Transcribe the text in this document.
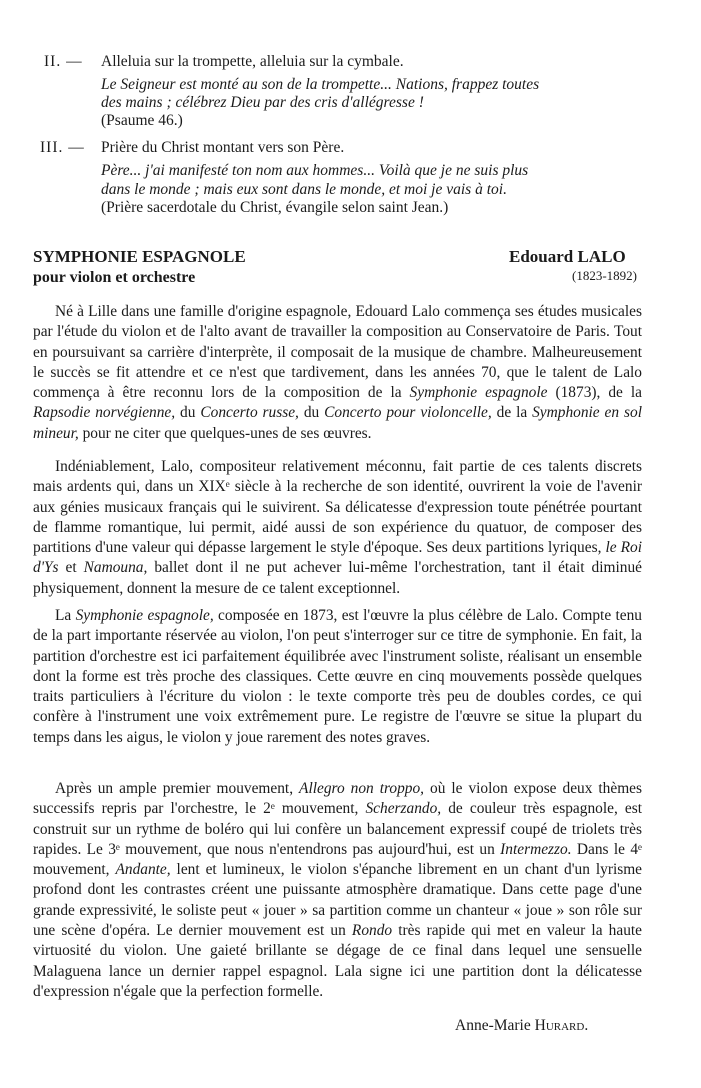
II. — Alleluia sur la trompette, alleluia sur la cymbale.
Le Seigneur est monté au son de la trompette... Nations, frappez toutes
des mains ; célébrez Dieu par des cris d'allégresse !
(Psaume 46.)
III. — Prière du Christ montant vers son Père.
Père... j'ai manifesté ton nom aux hommes... Voilà que je ne suis plus
dans le monde ; mais eux sont dans le monde, et moi je vais à toi.
(Prière sacerdotale du Christ, évangile selon saint Jean.)
SYMPHONIE ESPAGNOLE
pour violon et orchestre
Edouard LALO
(1823-1892)
Né à Lille dans une famille d'origine espagnole, Edouard Lalo commença ses études musicales par l'étude du violon et de l'alto avant de travailler la composition au Conservatoire de Paris. Tout en poursuivant sa carrière d'interprète, il composait de la musique de chambre. Malheureusement le succès se fit attendre et ce n'est que tardivement, dans les années 70, que le talent de Lalo commença à être reconnu lors de la composition de la Symphonie espagnole (1873), de la Rapsodie norvégienne, du Concerto russe, du Concerto pour violoncelle, de la Symphonie en sol mineur, pour ne citer que quelques-unes de ses œuvres.
Indéniablement, Lalo, compositeur relativement méconnu, fait partie de ces talents discrets mais ardents qui, dans un XIXᵉ siècle à la recherche de son identité, ouvrirent la voie de l'avenir aux génies musicaux français qui le suivirent. Sa délicatesse d'expression toute pénétrée pourtant de flamme romantique, lui permit, aidé aussi de son expérience du quatuor, de composer des partitions d'une valeur qui dépasse largement le style d'époque. Ses deux partitions lyriques, le Roi d'Ys et Namouna, ballet dont il ne put achever lui-même l'orchestration, tant il était diminué physiquement, donnent la mesure de ce talent exceptionnel.
La Symphonie espagnole, composée en 1873, est l'œuvre la plus célèbre de Lalo. Compte tenu de la part importante réservée au violon, l'on peut s'interroger sur ce titre de symphonie. En fait, la partition d'orchestre est ici parfaitement équilibrée avec l'instrument soliste, réalisant un ensemble dont la forme est très proche des classiques. Cette œuvre en cinq mouvements possède quelques traits particuliers à l'écriture du violon : le texte comporte très peu de doubles cordes, ce qui confère à l'instrument une voix extrêmement pure. Le registre de l'œuvre se situe la plupart du temps dans les aigus, le violon y joue rarement des notes graves.
Après un ample premier mouvement, Allegro non troppo, où le violon expose deux thèmes successifs repris par l'orchestre, le 2ᵉ mouvement, Scherzando, de couleur très espagnole, est construit sur un rythme de boléro qui lui confère un balancement expressif coupé de triolets très rapides. Le 3ᵉ mouvement, que nous n'entendrons pas aujourd'hui, est un Intermezzo. Dans le 4ᵉ mouvement, Andante, lent et lumineux, le violon s'épanche librement en un chant d'un lyrisme profond dont les contrastes créent une puissante atmosphère dramatique. Dans cette page d'une grande expressivité, le soliste peut « jouer » sa partition comme un chanteur « joue » son rôle sur une scène d'opéra. Le dernier mouvement est un Rondo très rapide qui met en valeur la haute virtuosité du violon. Une gaieté brillante se dégage de ce final dans lequel une sensuelle Malaguena lance un dernier rappel espagnol. Lala signe ici une partition dont la délicatesse d'expression n'égale que la perfection formelle.
Anne-Marie Hurard.
